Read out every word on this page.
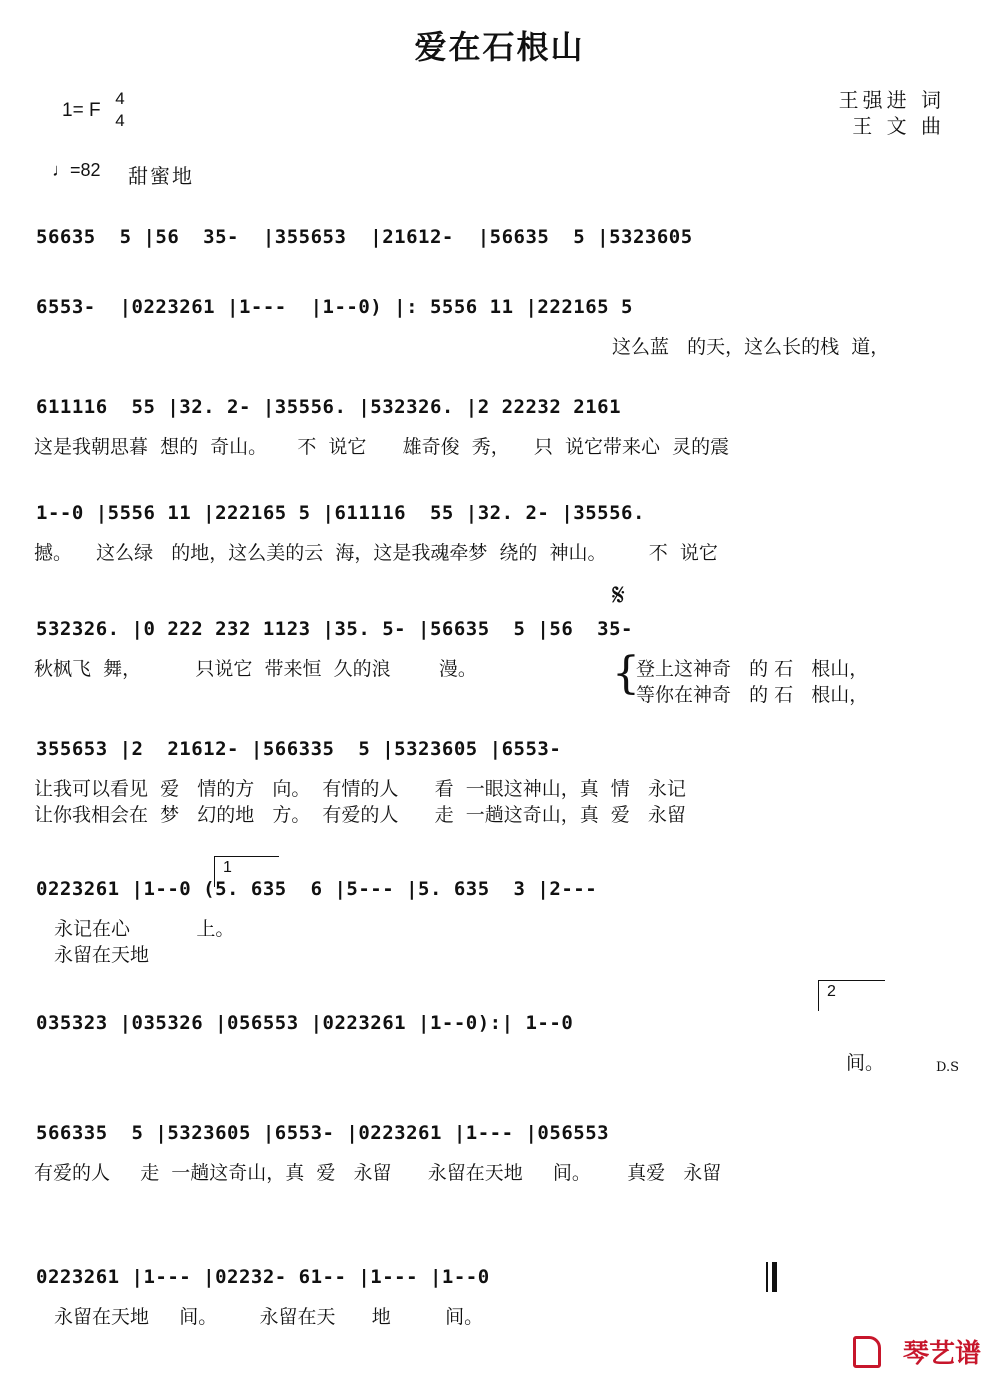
爱在石根山
1= F
4
4
王强进 词
王 文 曲
♩=82 甜蜜地
56635  5 |56  35-  |355653  |21612-  |56635  5 |5323605
6553-  |0223261 |1---  |1--0) |: 5556 11 |222165 5
这么蓝   的天，这么长的栈  道，
611116  55 |32. 2- |35556. |532326. |2 22232 2161
这是我朝思暮  想的  奇山。     不  说它      雄奇俊  秀，    只  说它带来心  灵的震
1--0 |5556 11 |222165 5 |611116  55 |32. 2- |35556.
撼。    这么绿   的地，这么美的云  海，这是我魂牵梦  绕的  神山。       不  说它
𝄋
532326. |0 222 232 1123 |35. 5- |56635  5 |56  35-
秋枫飞  舞，         只说它  带来恒  久的浪        漫。	{
登上这神奇   的 石   根山，
等你在神奇   的 石   根山，
355653 |2  21612- |566335  5 |5323605 |6553-
让我可以看见  爱   情的方   向。  有情的人      看  一眼这神山，真  情   永记
让你我相会在  梦   幻的地   方。  有爱的人      走  一趟这奇山，真  爱   永留
1
0223261 |1--0 (5. 635  6 |5--- |5. 635  3 |2---
永记在心           上。
永留在天地
2
035323 |035326 |056553 |0223261 |1--0):| 1--0
间。	D.S
566335  5 |5323605 |6553- |0223261 |1--- |056553
有爱的人     走  一趟这奇山，真  爱   永留      永留在天地     间。      真爱   永留
0223261 |1--- |02232- 61-- |1--- |1--0
永留在天地     间。       永留在天      地         间。
琴艺谱
